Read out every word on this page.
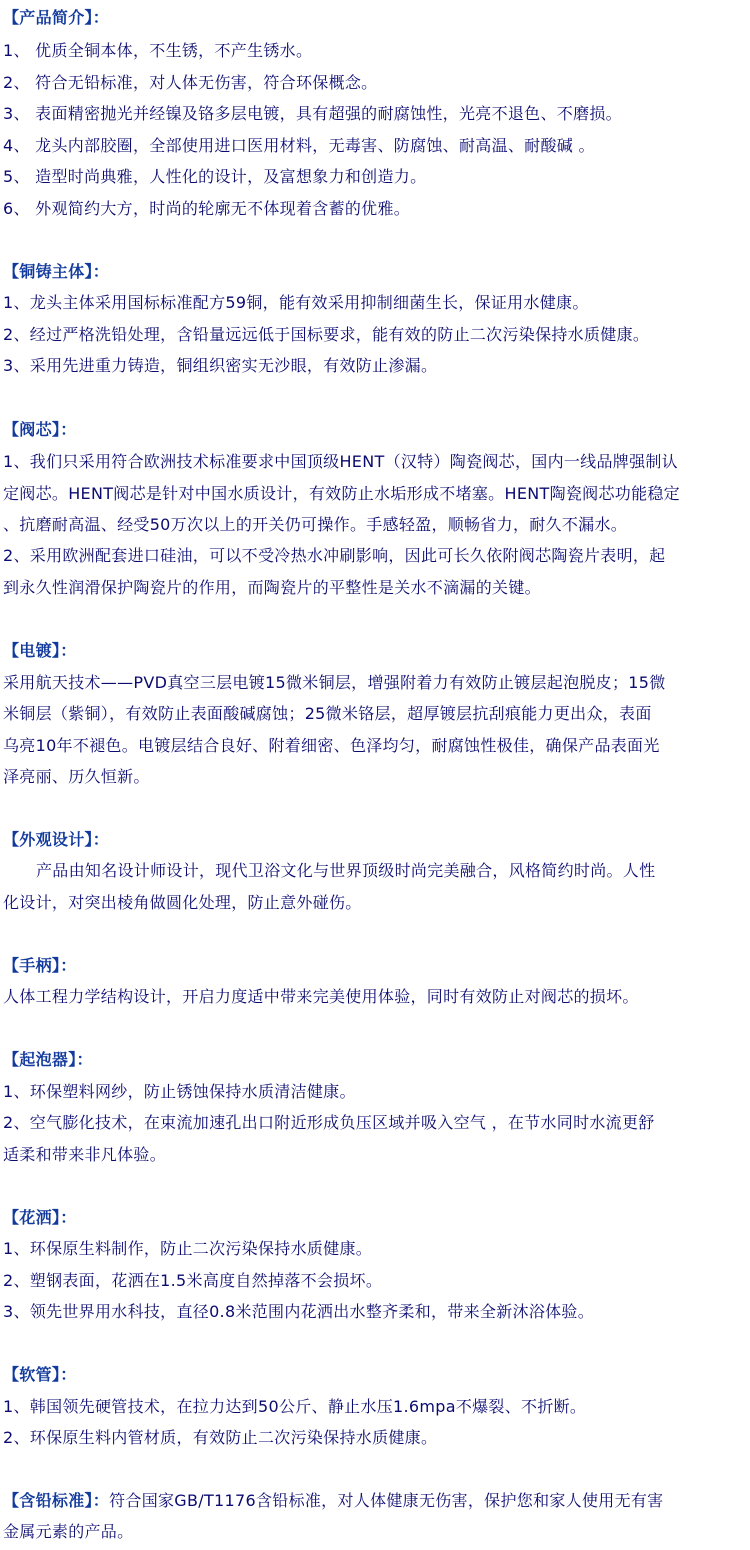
【产品简介】：
1、 优质全铜本体，不生锈，不产生锈水。
2、 符合无铅标准，对人体无伤害，符合环保概念。
3、 表面精密抛光并经镍及铬多层电镀，具有超强的耐腐蚀性，光亮不退色、不磨损。
4、 龙头内部胶圈，全部使用进口医用材料，无毒害、防腐蚀、耐高温、耐酸碱 。
5、 造型时尚典雅，人性化的设计，及富想象力和创造力。
6、 外观简约大方，时尚的轮廓无不体现着含蓄的优雅。
【铜铸主体】：
1、龙头主体采用国标标准配方59铜，能有效采用抑制细菌生长，保证用水健康。
2、经过严格洗铅处理，含铅量远远低于国标要求，能有效的防止二次污染保持水质健康。
3、采用先进重力铸造，铜组织密实无沙眼，有效防止渗漏。
【阀芯】：
1、我们只采用符合欧洲技术标准要求中国顶级HENT（汉特）陶瓷阀芯，国内一线品牌强制认
定阀芯。HENT阀芯是针对中国水质设计，有效防止水垢形成不堵塞。HENT陶瓷阀芯功能稳定
、抗磨耐高温、经受50万次以上的开关仍可操作。手感轻盈，顺畅省力，耐久不漏水。
2、采用欧洲配套进口硅油，可以不受冷热水冲刷影响，因此可长久依附阀芯陶瓷片表明，起
到永久性润滑保护陶瓷片的作用，而陶瓷片的平整性是关水不滴漏的关键。
【电镀】：
采用航天技术——PVD真空三层电镀15微米铜层，增强附着力有效防止镀层起泡脱皮；15微
米铜层（紫铜），有效防止表面酸碱腐蚀；25微米铬层，超厚镀层抗刮痕能力更出众，表面
乌亮10年不褪色。电镀层结合良好、附着细密、色泽均匀，耐腐蚀性极佳，确保产品表面光
泽亮丽、历久恒新。
【外观设计】：
产品由知名设计师设计，现代卫浴文化与世界顶级时尚完美融合，风格简约时尚。人性
化设计，对突出棱角做圆化处理，防止意外碰伤。
【手柄】：
人体工程力学结构设计，开启力度适中带来完美使用体验，同时有效防止对阀芯的损坏。
【起泡器】：
1、环保塑料网纱，防止锈蚀保持水质清洁健康。
2、空气膨化技术，在束流加速孔出口附近形成负压区域并吸入空气 ，在节水同时水流更舒
适柔和带来非凡体验。
【花洒】：
1、环保原生料制作，防止二次污染保持水质健康。
2、塑钢表面，花洒在1.5米高度自然掉落不会损坏。
3、领先世界用水科技，直径0.8米范围内花洒出水整齐柔和，带来全新沐浴体验。
【软管】：
1、韩国领先硬管技术，在拉力达到50公斤、静止水压1.6mpa不爆裂、不折断。
2、环保原生料内管材质，有效防止二次污染保持水质健康。
【含铅标准】：符合国家GB/T1176含铅标准，对人体健康无伤害，保护您和家人使用无有害
金属元素的产品。
